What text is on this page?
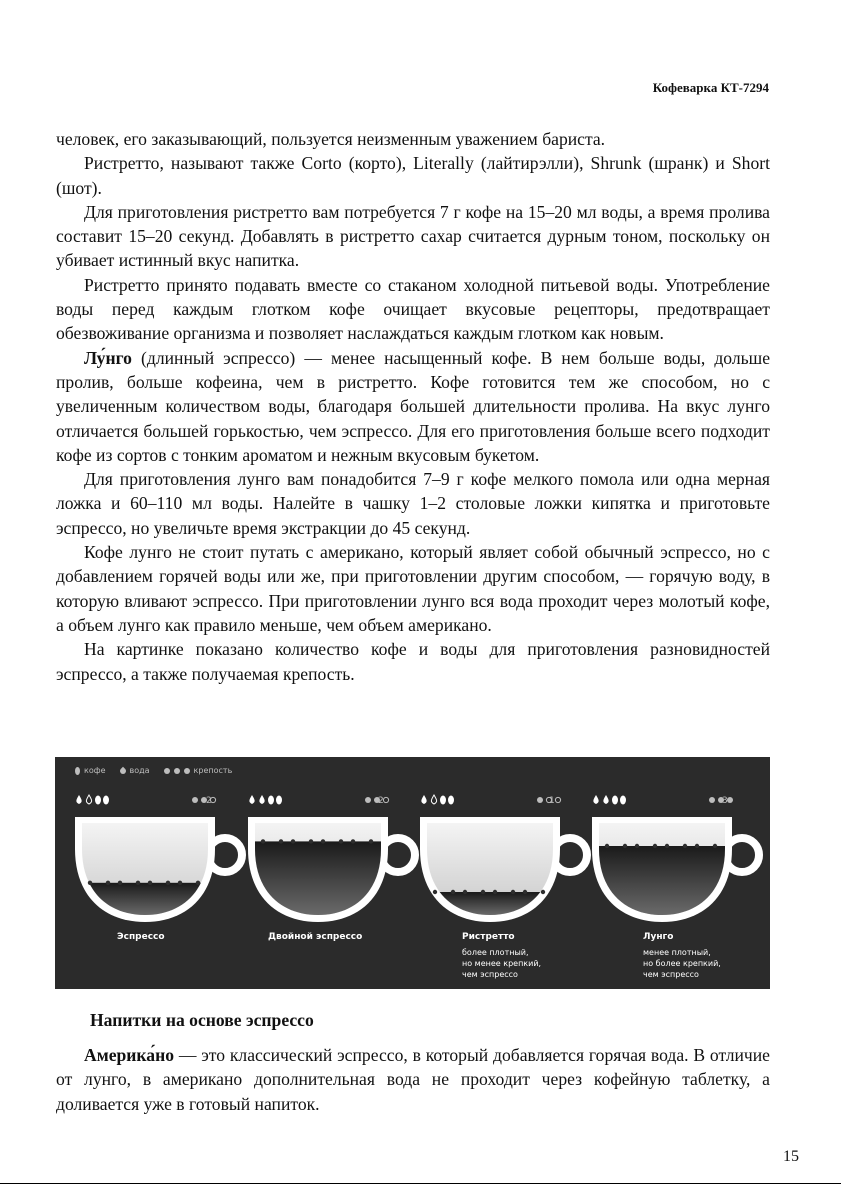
Кофеварка КТ-7294

человек, его заказывающий, пользуется неизменным уважением бариста.

Ристретто, называют также Corto (корто), Literally (лайтирэлли), Shrunk (шранк) и Short (шот).

Для приготовления ристретто вам потребуется 7 г кофе на 15–20 мл воды, а время пролива составит 15–20 секунд. Добавлять в ристретто сахар считается дурным тоном, поскольку он убивает истинный вкус напитка.

Ристретто принято подавать вместе со стаканом холодной питьевой воды. Употребление воды перед каждым глотком кофе очищает вкусовые рецепторы, предотвращает обезвоживание организма и позволяет наслаждаться каждым глотком как новым.

Лу́нго (длинный эспрессо) — менее насыщенный кофе. В нем больше воды, дольше пролив, больше кофеина, чем в ристретто. Кофе готовится тем же способом, но с увеличенным количеством воды, благодаря большей длительности пролива. На вкус лунго отличается большей горькостью, чем эспрессо. Для его приготовления больше всего подходит кофе из сортов с тонким ароматом и нежным вкусовым букетом.

Для приготовления лунго вам понадобится 7–9 г кофе мелкого помола или одна мерная ложка и 60–110 мл воды. Налейте в чашку 1–2 столовые ложки кипятка и приготовьте эспрессо, но увеличьте время экстракции до 45 секунд.

Кофе лунго не стоит путать с американо, который являет собой обычный эспрессо, но с добавлением горячей воды или же, при приготовлении другим способом, — горячую воду, в которую вливают эспрессо. При приготовлении лунго вся вода проходит через молотый кофе, а объем лунго как правило меньше, чем объем американо.

На картинке показано количество кофе и воды для приготовления разновидностей эспрессо, а также получаемая крепость.

кофе	вода	крепость
2	2	1	3
Эспрессо	Двойной эспрессо	Ристретто
более плотный,
но менее крепкий,
чем эспрессо
Лунго
менее плотный,
но более крепкий,
чем эспрессо
Напитки на основе эспрессо

Америка́но — это классический эспрессо, в который добавляется горячая вода. В отличие от лунго, в американо дополнительная вода не проходит через кофейную таблетку, а доливается уже в готовый напиток.

15
